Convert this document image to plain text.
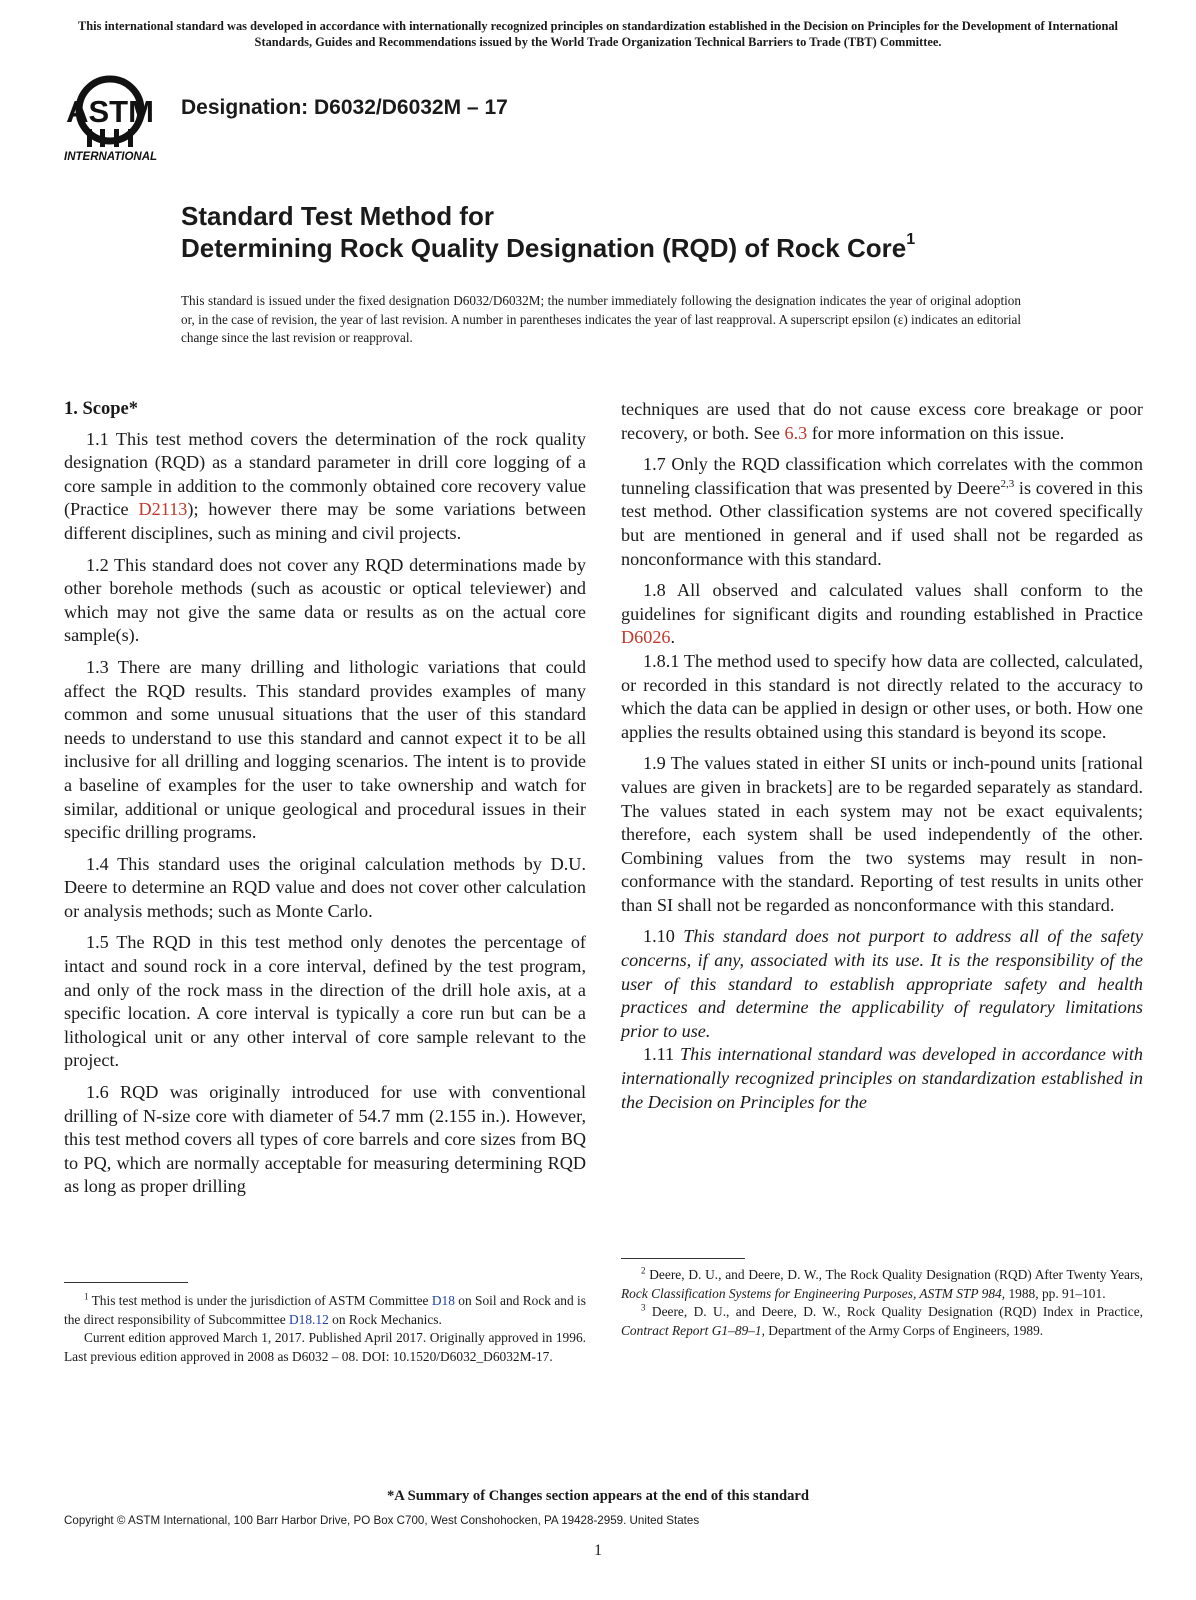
This international standard was developed in accordance with internationally recognized principles on standardization established in the Decision on Principles for the Development of International Standards, Guides and Recommendations issued by the World Trade Organization Technical Barriers to Trade (TBT) Committee.
ASTM
INTERNATIONAL
Designation: D6032/D6032M – 17
Standard Test Method for
Determining Rock Quality Designation (RQD) of Rock Core$^1$
This standard is issued under the fixed designation D6032/D6032M; the number immediately following the designation indicates the year of original adoption or, in the case of revision, the year of last revision. A number in parentheses indicates the year of last reapproval. A superscript epsilon (ε) indicates an editorial change since the last revision or reapproval.
1. Scope*

1.1 This test method covers the determination of the rock quality designation (RQD) as a standard parameter in drill core logging of a core sample in addition to the commonly obtained core recovery value (Practice D2113); however there may be some variations between different disciplines, such as mining and civil projects.

1.2 This standard does not cover any RQD determinations made by other borehole methods (such as acoustic or optical televiewer) and which may not give the same data or results as on the actual core sample(s).

1.3 There are many drilling and lithologic variations that could affect the RQD results. This standard provides examples of many common and some unusual situations that the user of this standard needs to understand to use this standard and cannot expect it to be all inclusive for all drilling and logging scenarios. The intent is to provide a baseline of examples for the user to take ownership and watch for similar, additional or unique geological and procedural issues in their specific drilling programs.

1.4 This standard uses the original calculation methods by D.U. Deere to determine an RQD value and does not cover other calculation or analysis methods; such as Monte Carlo.

1.5 The RQD in this test method only denotes the percentage of intact and sound rock in a core interval, defined by the test program, and only of the rock mass in the direction of the drill hole axis, at a specific location. A core interval is typically a core run but can be a lithological unit or any other interval of core sample relevant to the project.

1.6 RQD was originally introduced for use with conventional drilling of N-size core with diameter of 54.7 mm (2.155 in.). However, this test method covers all types of core barrels and core sizes from BQ to PQ, which are normally acceptable for measuring determining RQD as long as proper drilling

techniques are used that do not cause excess core breakage or poor recovery, or both. See 6.3 for more information on this issue.

1.7 Only the RQD classification which correlates with the common tunneling classification that was presented by Deere$^{2,3}$ is covered in this test method. Other classification systems are not covered specifically but are mentioned in general and if used shall not be regarded as nonconformance with this standard.

1.8 All observed and calculated values shall conform to the guidelines for significant digits and rounding established in Practice D6026.

1.8.1 The method used to specify how data are collected, calculated, or recorded in this standard is not directly related to the accuracy to which the data can be applied in design or other uses, or both. How one applies the results obtained using this standard is beyond its scope.

1.9 The values stated in either SI units or inch-pound units [rational values are given in brackets] are to be regarded separately as standard. The values stated in each system may not be exact equivalents; therefore, each system shall be used independently of the other. Combining values from the two systems may result in non-conformance with the standard. Reporting of test results in units other than SI shall not be regarded as nonconformance with this standard.

1.10 This standard does not purport to address all of the safety concerns, if any, associated with its use. It is the responsibility of the user of this standard to establish appropriate safety and health practices and determine the applicability of regulatory limitations prior to use.

1.11 This international standard was developed in accordance with internationally recognized principles on standardization established in the Decision on Principles for the

$^1$ This test method is under the jurisdiction of ASTM Committee D18 on Soil and Rock and is the direct responsibility of Subcommittee D18.12 on Rock Mechanics.

Current edition approved March 1, 2017. Published April 2017. Originally approved in 1996. Last previous edition approved in 2008 as D6032 – 08. DOI: 10.1520/D6032_D6032M-17.

$^2$ Deere, D. U., and Deere, D. W., The Rock Quality Designation (RQD) After Twenty Years, Rock Classification Systems for Engineering Purposes, ASTM STP 984, 1988, pp. 91–101.

$^3$ Deere, D. U., and Deere, D. W., Rock Quality Designation (RQD) Index in Practice, Contract Report G1–89–1, Department of the Army Corps of Engineers, 1989.

*A Summary of Changes section appears at the end of this standard
Copyright © ASTM International, 100 Barr Harbor Drive, PO Box C700, West Conshohocken, PA 19428-2959. United States
1
